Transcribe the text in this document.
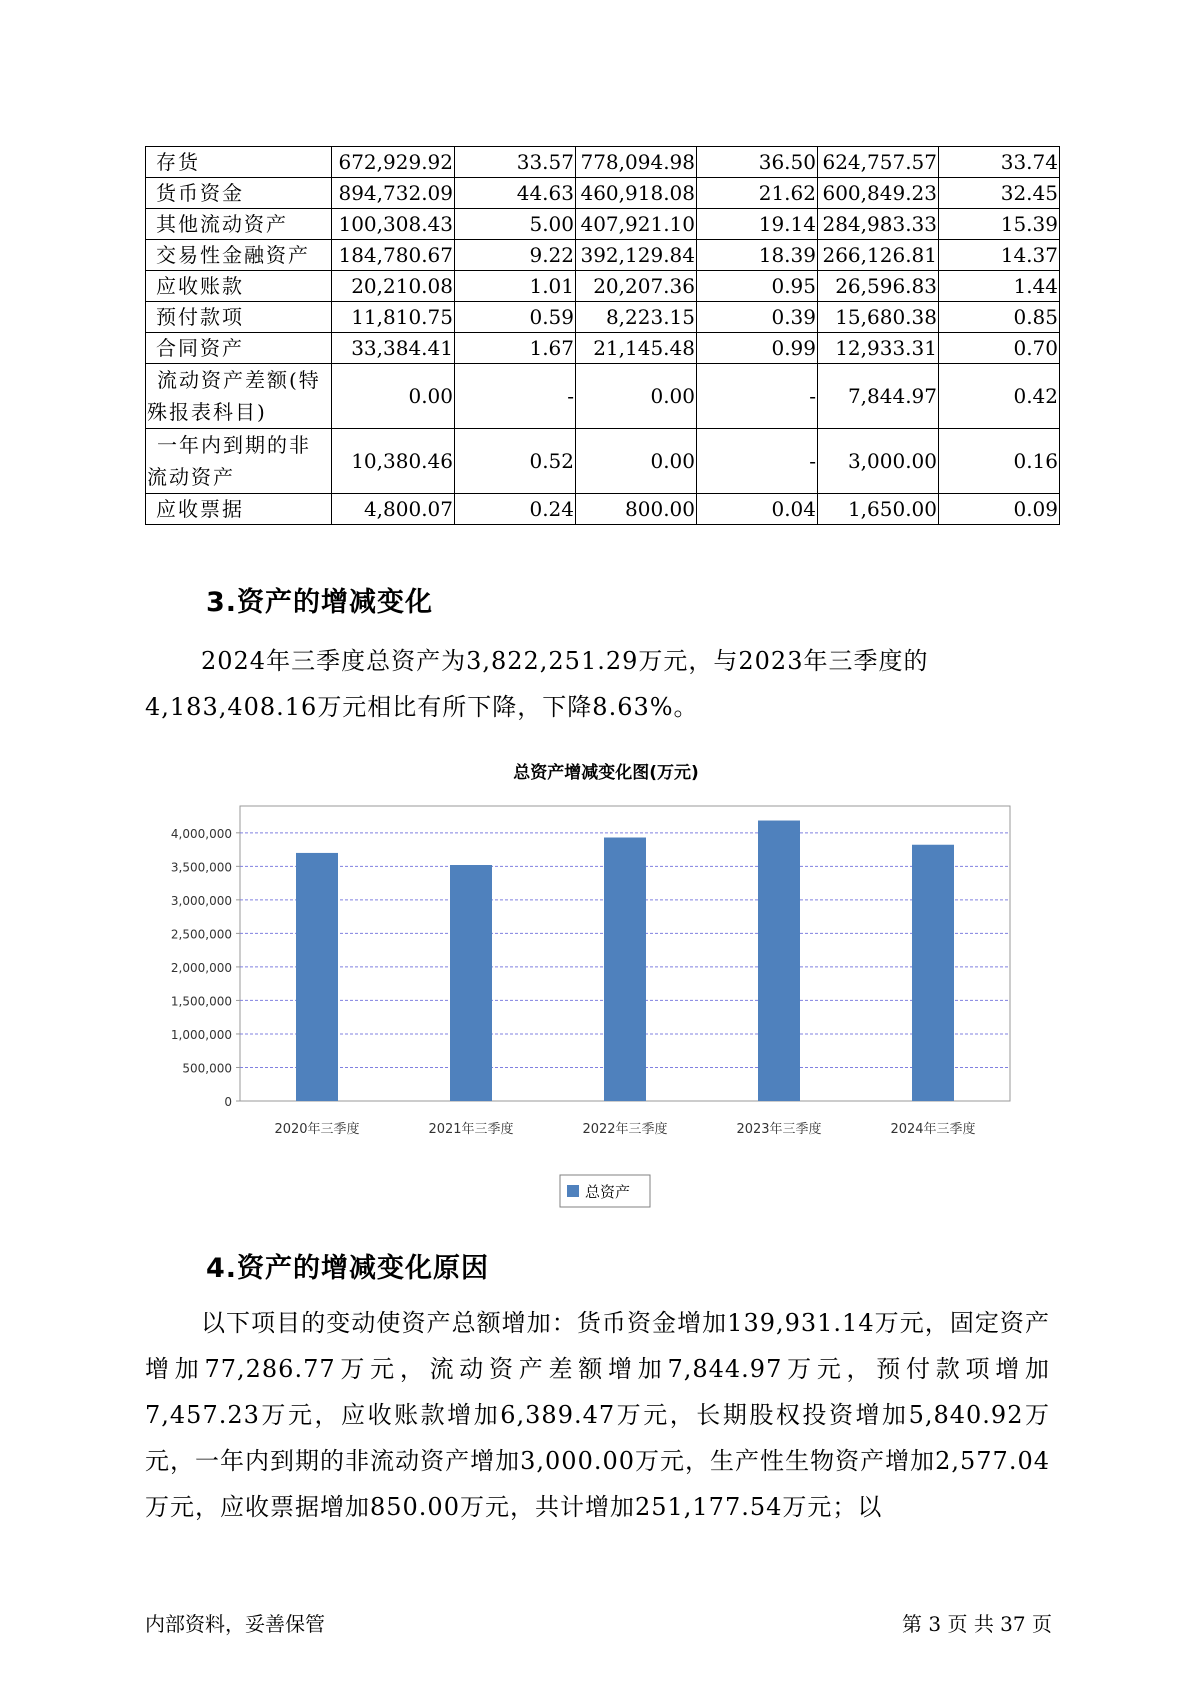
存货	672,929.92	33.57	778,094.98	36.50	624,757.57	33.74
货币资金	894,732.09	44.63	460,918.08	21.62	600,849.23	32.45
其他流动资产	100,308.43	5.00	407,921.10	19.14	284,983.33	15.39
交易性金融资产	184,780.67	9.22	392,129.84	18.39	266,126.81	14.37
应收账款	20,210.08	1.01	20,207.36	0.95	26,596.83	1.44
预付款项	11,810.75	0.59	8,223.15	0.39	15,680.38	0.85
合同资产	33,384.41	1.67	21,145.48	0.99	12,933.31	0.70
流动资产差额(特殊报表科目)	0.00	-	0.00	-	7,844.97	0.42
一年内到期的非流动资产	10,380.46	0.52	0.00	-	3,000.00	0.16
应收票据	4,800.07	0.24	800.00	0.04	1,650.00	0.09
3.资产的增减变化
2024年三季度总资产为3,822,251.29万元，与2023年三季度的4,183,408.16万元相比有所下降，下降8.63%。
总资产增减变化图(万元)
0
500,000
1,000,000
1,500,000
2,000,000
2,500,000
3,000,000
3,500,000
4,000,000
2020年三季度	2021年三季度	2022年三季度	2023年三季度	2024年三季度
总资产
4.资产的增减变化原因
以下项目的变动使资产总额增加：货币资金增加139,931.14万元，固定资产增加77,286.77万元，流动资产差额增加7,844.97万元，预付款项增加7,457.23万元，应收账款增加6,389.47万元，长期股权投资增加5,840.92万元，一年内到期的非流动资产增加3,000.00万元，生产性生物资产增加2,577.04万元，应收票据增加850.00万元，共计增加251,177.54万元；以
内部资料，妥善保管	第 3 页 共 37 页
